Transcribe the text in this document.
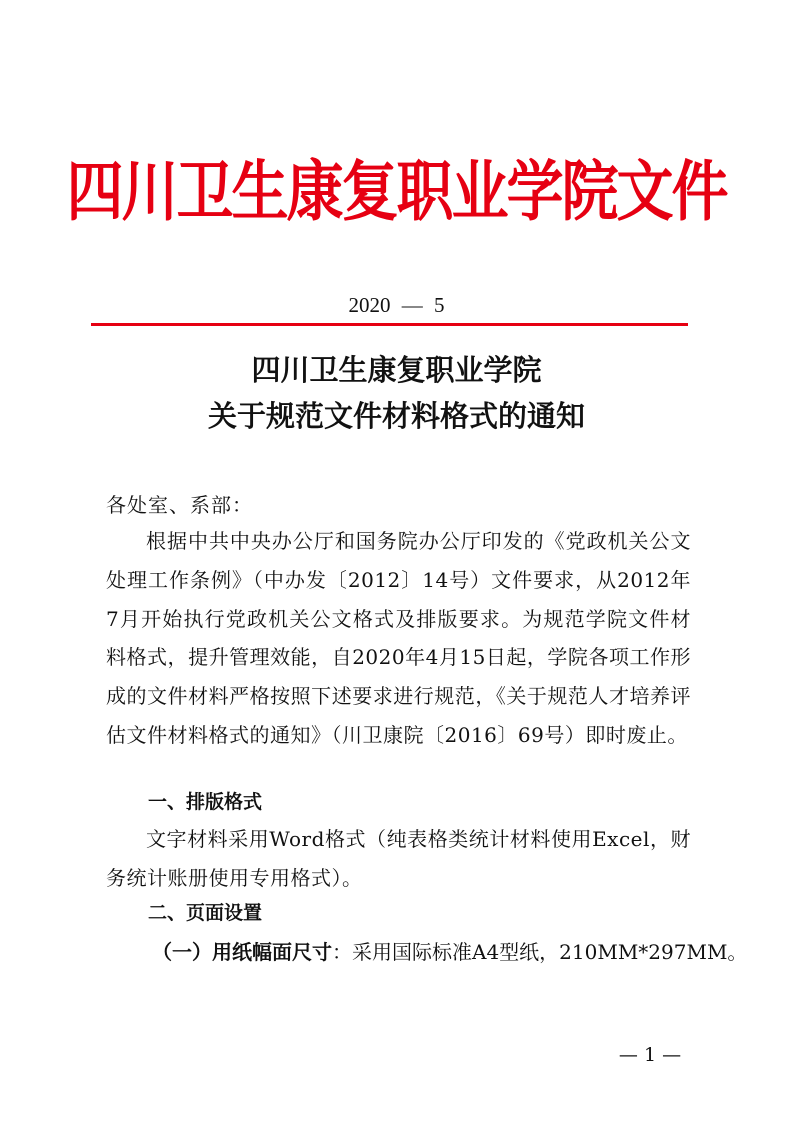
四川卫生康复职业学院文件
2020 — 5
四川卫生康复职业学院
关于规范文件材料格式的通知
各处室、系部：

根据中共中央办公厅和国务院办公厅印发的《党政机关公文处理工作条例》（中办发〔2012〕14号）文件要求，从2012年7月开始执行党政机关公文格式及排版要求。为规范学院文件材料格式，提升管理效能，自2020年4月15日起，学院各项工作形成的文件材料严格按照下述要求进行规范，《关于规范人才培养评估文件材料格式的通知》（川卫康院〔2016〕69号）即时废止。

一、排版格式

文字材料采用Word格式（纯表格类统计材料使用Excel，财务统计账册使用专用格式）。

二、页面设置
（一）用纸幅面尺寸：采用国际标准A4型纸，210MM*297MM。
— 1 —
